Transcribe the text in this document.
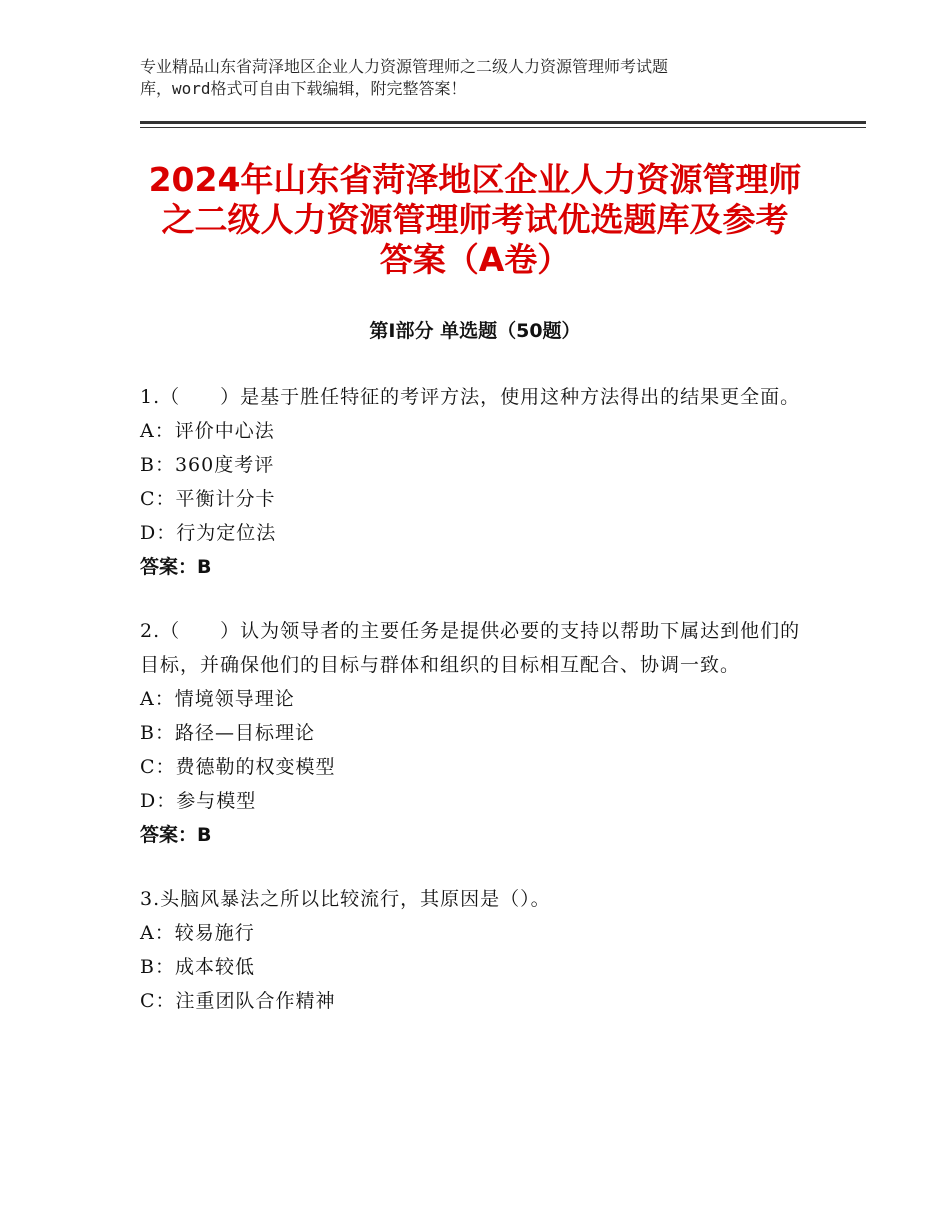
专业精品山东省菏泽地区企业人力资源管理师之二级人力资源管理师考试题
库，word格式可自由下载编辑，附完整答案！
2024年山东省菏泽地区企业人力资源管理师
之二级人力资源管理师考试优选题库及参考
答案（A卷）
第Ⅰ部分 单选题（50题）
1.（　　）是基于胜任特征的考评方法，使用这种方法得出的结果更全面。
A：评价中心法
B：360度考评
C：平衡计分卡
D：行为定位法
答案：B
2.（　　）认为领导者的主要任务是提供必要的支持以帮助下属达到他们的目标，并确保他们的目标与群体和组织的目标相互配合、协调一致。
A：情境领导理论
B：路径—目标理论
C：费德勒的权变模型
D：参与模型
答案：B
3.头脑风暴法之所以比较流行，其原因是（）。
A：较易施行
B：成本较低
C：注重团队合作精神
